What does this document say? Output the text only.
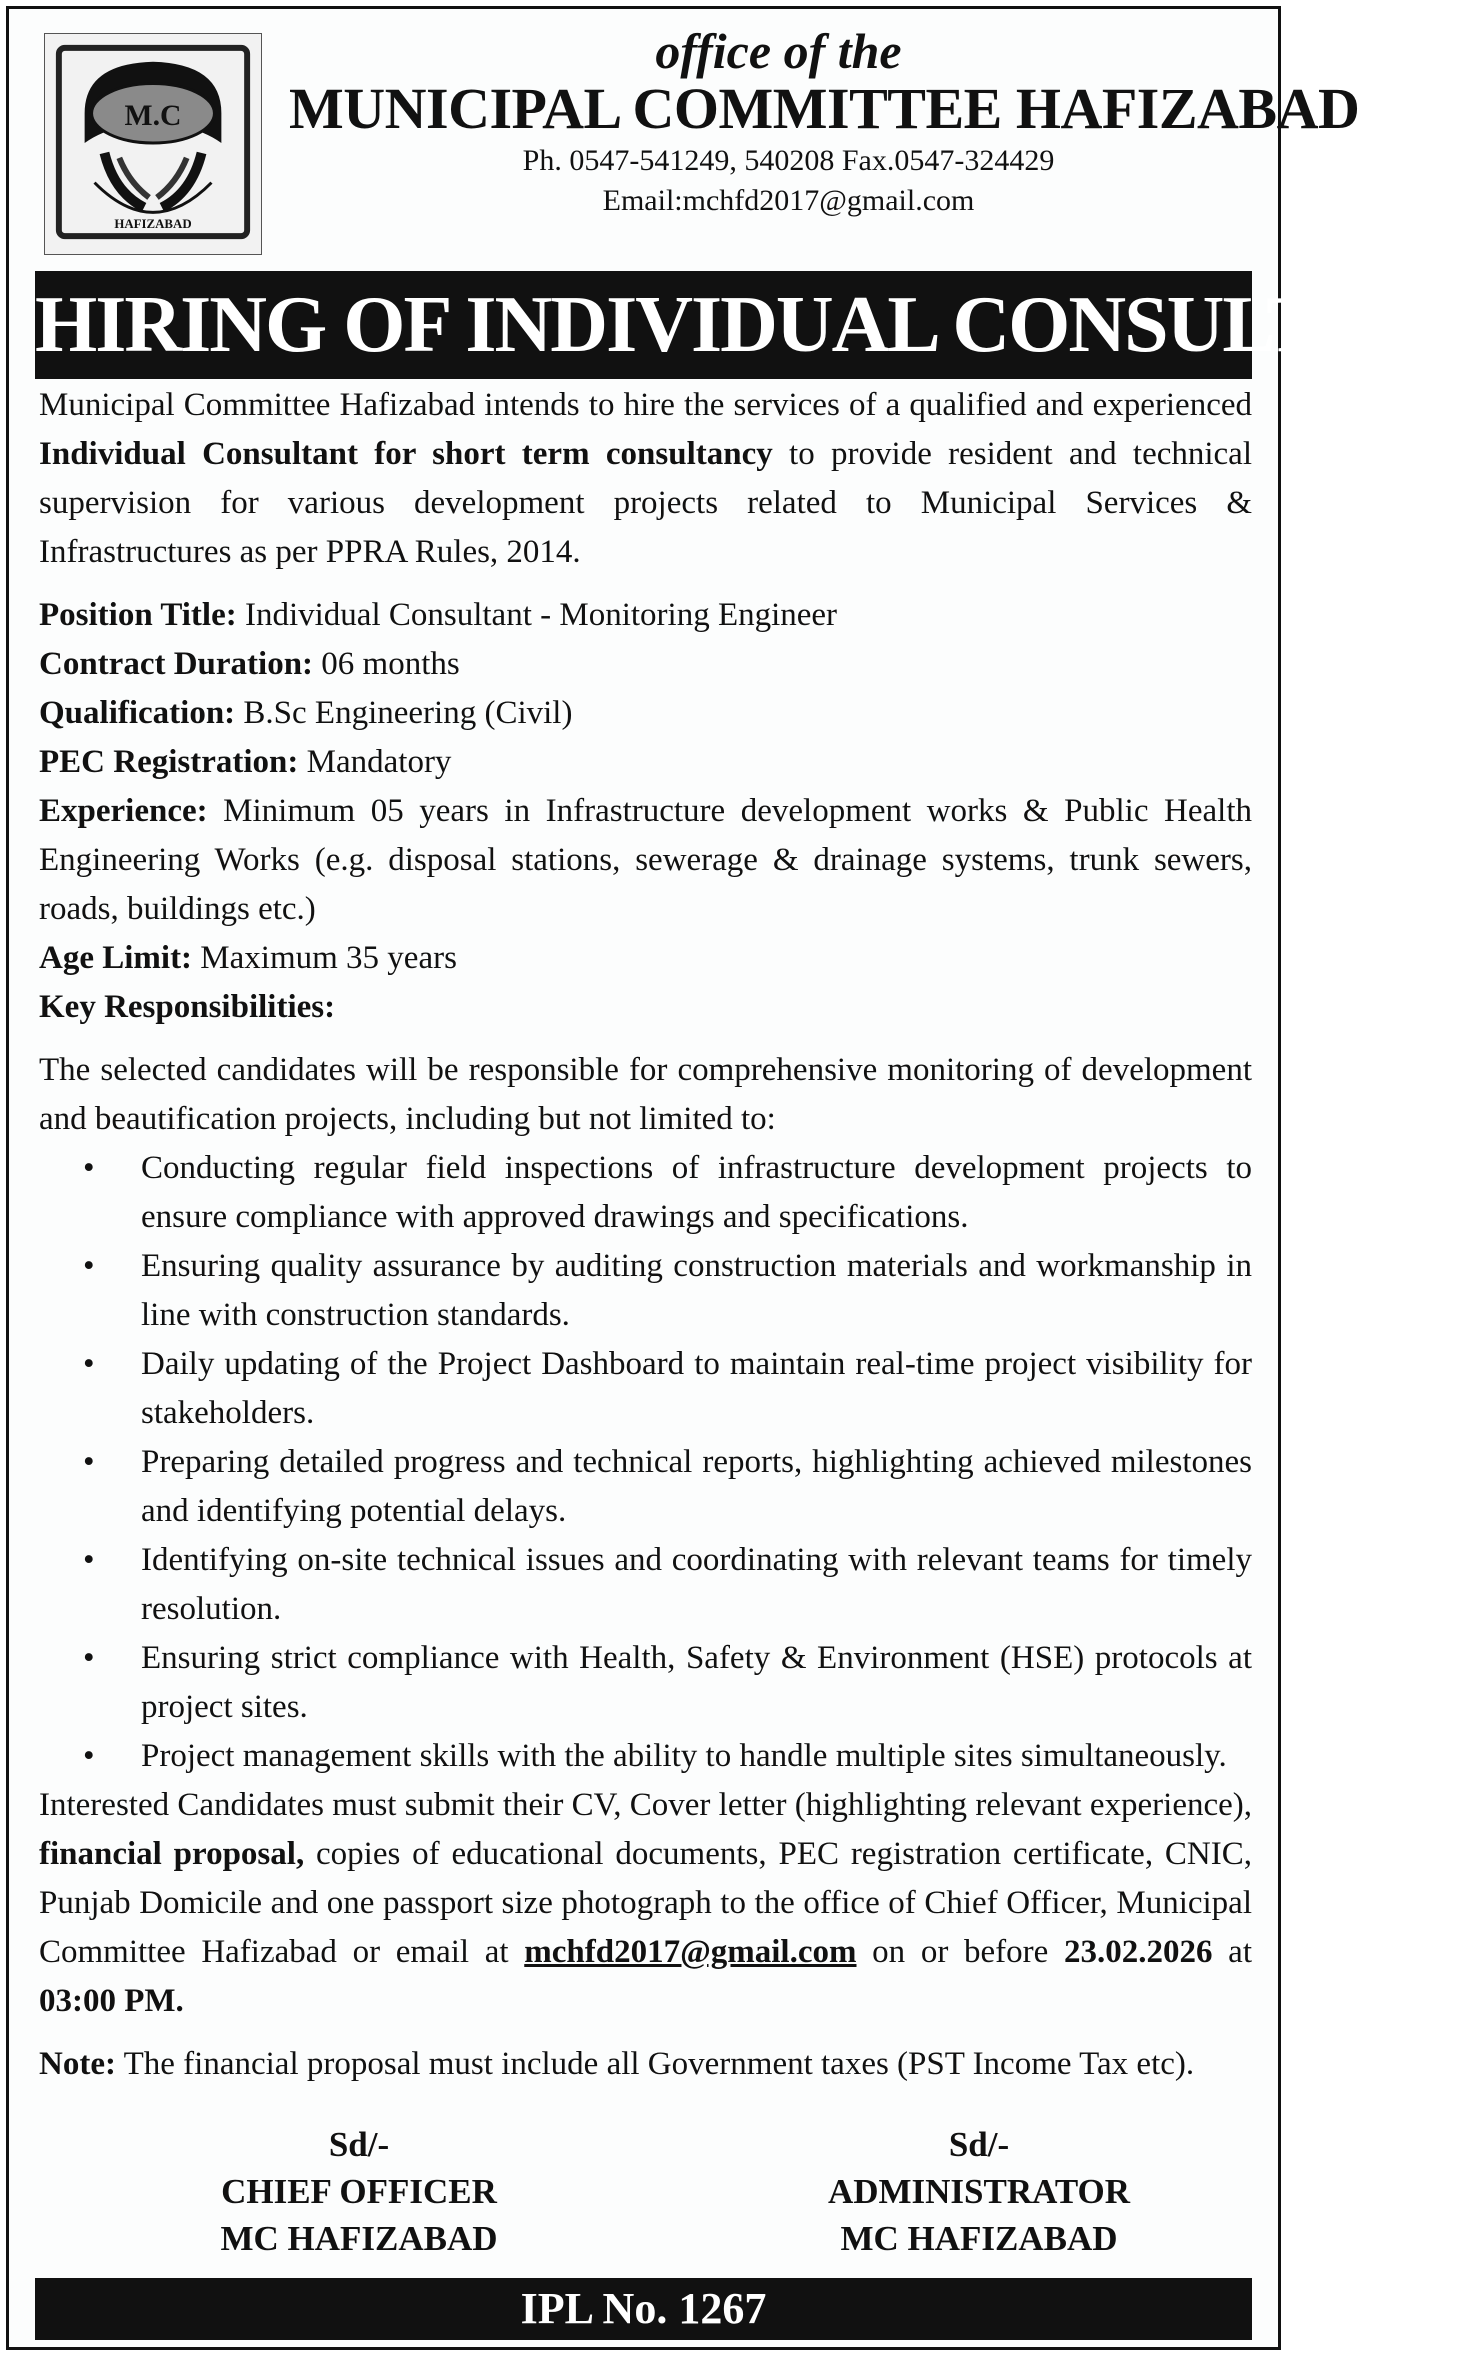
M.C
HAFIZABAD
office of the
MUNICIPAL COMMITTEE HAFIZABAD
Ph. 0547-541249, 540208 Fax.0547-324429
Email:mchfd2017@gmail.com
HIRING OF INDIVIDUAL CONSULTANT

Municipal Committee Hafizabad intends to hire the services of a qualified and experienced Individual Consultant for short term consultancy to provide resident and technical supervision for various development projects related to Municipal Services & Infrastructures as per PPRA Rules, 2014.

Position Title: Individual Consultant - Monitoring Engineer
Contract Duration: 06 months
Qualification: B.Sc Engineering (Civil)
PEC Registration: Mandatory
Experience: Minimum 05 years in Infrastructure development works & Public Health Engineering Works (e.g. disposal stations, sewerage & drainage systems, trunk sewers, roads, buildings etc.)
Age Limit: Maximum 35 years
Key Responsibilities:

The selected candidates will be responsible for comprehensive monitoring of development and beautification projects, including but not limited to:

• Conducting regular field inspections of infrastructure development projects to ensure compliance with approved drawings and specifications.
• Ensuring quality assurance by auditing construction materials and workmanship in line with construction standards.
• Daily updating of the Project Dashboard to maintain real-time project visibility for stakeholders.
• Preparing detailed progress and technical reports, highlighting achieved milestones and identifying potential delays.
• Identifying on-site technical issues and coordinating with relevant teams for timely resolution.
• Ensuring strict compliance with Health, Safety & Environment (HSE) protocols at project sites.
• Project management skills with the ability to handle multiple sites simultaneously.

Interested Candidates must submit their CV, Cover letter (highlighting relevant experience), financial proposal, copies of educational documents, PEC registration certificate, CNIC, Punjab Domicile and one passport size photograph to the office of Chief Officer, Municipal Committee Hafizabad or email at mchfd2017@gmail.com on or before 23.02.2026 at 03:00 PM.

Note: The financial proposal must include all Government taxes (PST Income Tax etc).

Sd/-
CHIEF OFFICER
MC HAFIZABAD
Sd/-
ADMINISTRATOR
MC HAFIZABAD
IPL No. 1267
